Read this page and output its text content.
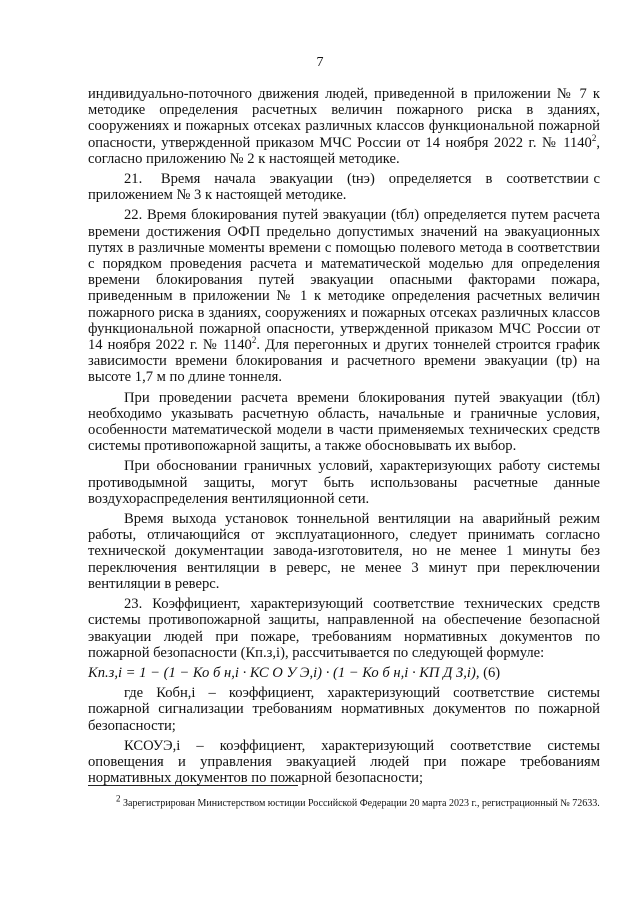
7

индивидуально-поточного движения людей, приведенной в приложении № 7 к методике определения расчетных величин пожарного риска в зданиях, сооружениях и пожарных отсеках различных классов функциональной пожарной опасности, утвержденной приказом МЧС России от 14 ноября 2022 г. № 1140$^2$, согласно приложению № 2 к настоящей методике.

21.    Время   начала   эвакуации   (tнэ)   определяется   в   соответствии с приложением № 3 к настоящей методике.

22. Время блокирования путей эвакуации (tбл) определяется путем расчета времени достижения ОФП предельно допустимых значений на эвакуационных путях в различные моменты времени с помощью полевого метода в соответствии с порядком проведения расчета и математической моделью для определения времени блокирования путей эвакуации опасными факторами пожара, приведенным в приложении № 1 к методике определения расчетных величин пожарного риска в зданиях, сооружениях и пожарных отсеках различных классов функциональной пожарной опасности, утвержденной приказом МЧС России от 14 ноября 2022 г. № 1140$^2$. Для перегонных и других тоннелей строится график зависимости времени блокирования и расчетного времени эвакуации (tр) на высоте 1,7 м по длине тоннеля.

При проведении расчета времени блокирования путей эвакуации (tбл) необходимо указывать расчетную область, начальные и граничные условия, особенности математической модели в части применяемых технических средств системы противопожарной защиты, а также обосновывать их выбор.

При обосновании граничных условий, характеризующих работу системы противодымной защиты, могут быть использованы расчетные данные воздухораспределения вентиляционной сети.

Время выхода установок тоннельной вентиляции на аварийный режим работы, отличающийся от эксплуатационного, следует принимать согласно технической документации завода-изготовителя, но не менее 1 минуты без переключения вентиляции в реверс, не менее 3 минут при переключении вентиляции в реверс.

23. Коэффициент, характеризующий соответствие технических средств системы противопожарной защиты, направленной на обеспечение безопасной эвакуации людей при пожаре, требованиям нормативных документов по пожарной безопасности (Кп.з,i), рассчитывается по следующей формуле:

Кп.з,i = 1 − (1 − Ко б н,i · КС О У Э,i) · (1 − Ко б н,i · КП Д З,i), (6)

где Кобн,i – коэффициент, характеризующий соответствие системы пожарной сигнализации требованиям нормативных документов по пожарной безопасности;

КСОУЭ,i – коэффициент, характеризующий соответствие системы оповещения и управления эвакуацией людей при пожаре требованиям нормативных документов по пожарной безопасности;

$^2$ Зарегистрирован Министерством юстиции Российской Федерации 20 марта 2023 г., регистрационный № 72633.
